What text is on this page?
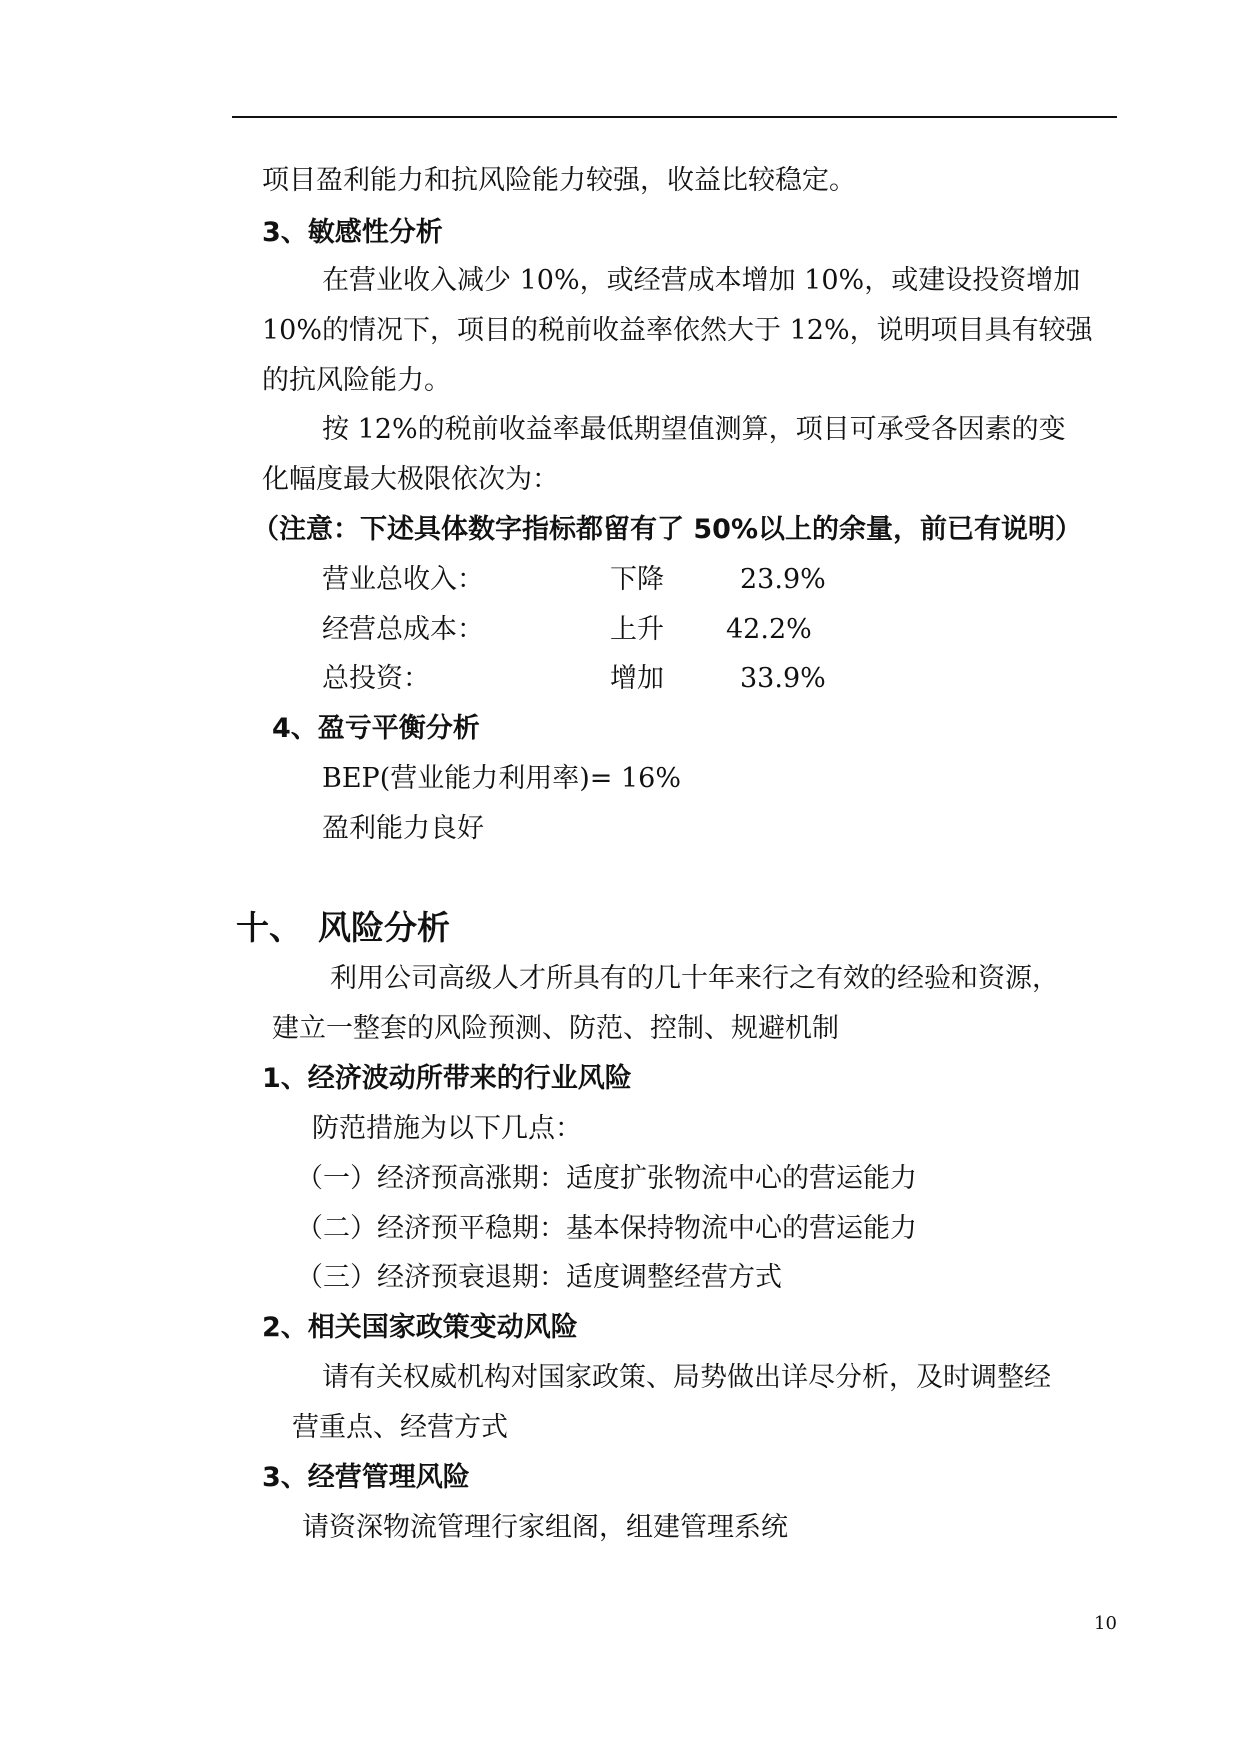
项目盈利能力和抗风险能力较强，收益比较稳定。
3、敏感性分析
在营业收入减少 10%，或经营成本增加 10%，或建设投资增加
10%的情况下，项目的税前收益率依然大于 12%，说明项目具有较强
的抗风险能力。
按 12%的税前收益率最低期望值测算，项目可承受各因素的变
化幅度最大极限依次为：
（注意：下述具体数字指标都留有了 50%以上的余量，前已有说明）
营业总收入：	下降	23.9%
经营总成本：	上升 42.2%
总投资：	增加	33.9%
4、盈亏平衡分析
BEP(营业能力利用率)= 16%
盈利能力良好
十、 风险分析
利用公司高级人才所具有的几十年来行之有效的经验和资源，
建立一整套的风险预测、防范、控制、规避机制
1、经济波动所带来的行业风险
防范措施为以下几点：
（一）经济预高涨期：适度扩张物流中心的营运能力
（二）经济预平稳期：基本保持物流中心的营运能力
（三）经济预衰退期：适度调整经营方式
2、相关国家政策变动风险
请有关权威机构对国家政策、局势做出详尽分析，及时调整经
营重点、经营方式
3、经营管理风险
请资深物流管理行家组阁，组建管理系统
10
